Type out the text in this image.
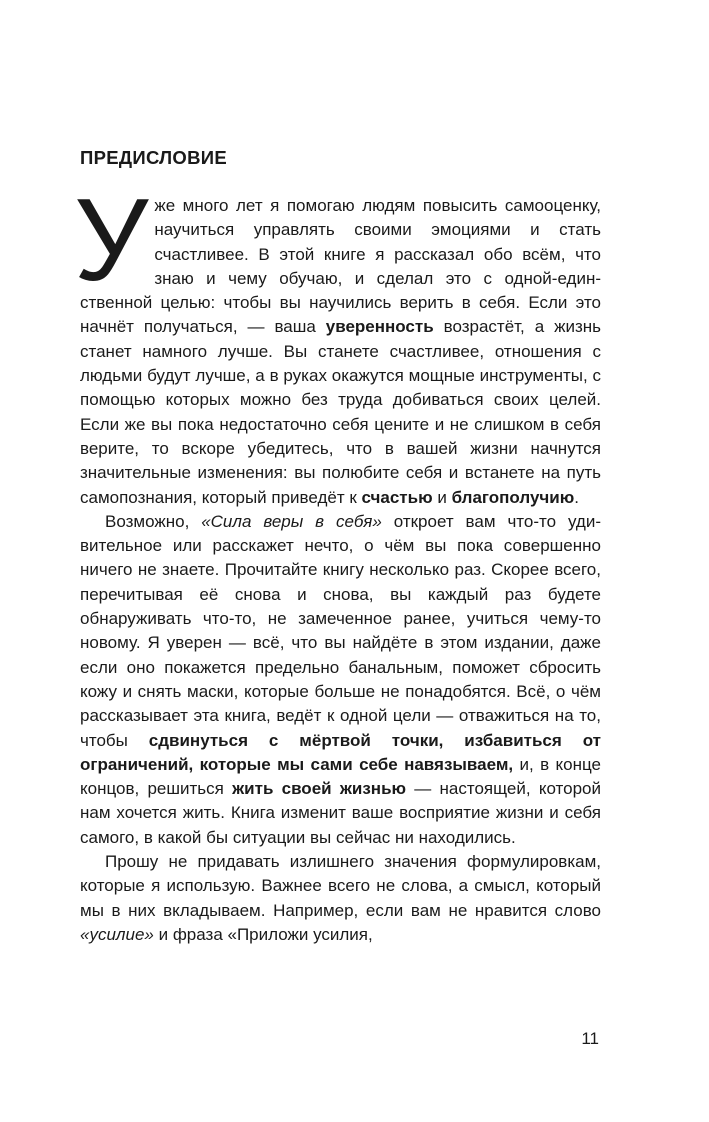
ПРЕДИСЛОВИЕ

Уже много лет я помогаю людям повысить самооценку, научиться управлять своими эмоциями и стать счастливее. В этой книге я рассказал обо всём, что знаю и чему обучаю, и сделал это с одной-единственной целью: чтобы вы научились верить в себя. Если это начнёт получаться, — ваша уверенность возрастёт, а жизнь станет намного лучше. Вы станете счастливее, отношения с людьми будут лучше, а в руках окажутся мощные инструменты, с помощью которых можно без труда добиваться своих целей. Если же вы пока недостаточно себя цените и не слишком в себя верите, то вскоре убедитесь, что в вашей жизни начнутся значительные изменения: вы полюбите себя и встанете на путь самопознания, который приведёт к счастью и благополучию.

Возможно, «Сила веры в себя» откроет вам что-то удивительное или расскажет нечто, о чём вы пока совершенно ничего не знаете. Прочитайте книгу несколько раз. Скорее всего, перечитывая её снова и снова, вы каждый раз будете обнаруживать что-то, не замеченное ранее, учиться чему-то новому. Я уверен — всё, что вы найдёте в этом издании, даже если оно покажется предельно банальным, поможет сбросить кожу и снять маски, которые больше не понадобятся. Всё, о чём рассказывает эта книга, ведёт к одной цели — отважиться на то, чтобы сдвинуться с мёртвой точки, избавиться от ограничений, которые мы сами себе навязываем, и, в конце концов, решиться жить своей жизнью — настоящей, которой нам хочется жить. Книга изменит ваше восприятие жизни и себя самого, в какой бы ситуации вы сейчас ни находились.

Прошу не придавать излишнего значения формулировкам, которые я использую. Важнее всего не слова, а смысл, который мы в них вкладываем. Например, если вам не нравится слово «усилие» и фраза «Приложи усилия,

11
